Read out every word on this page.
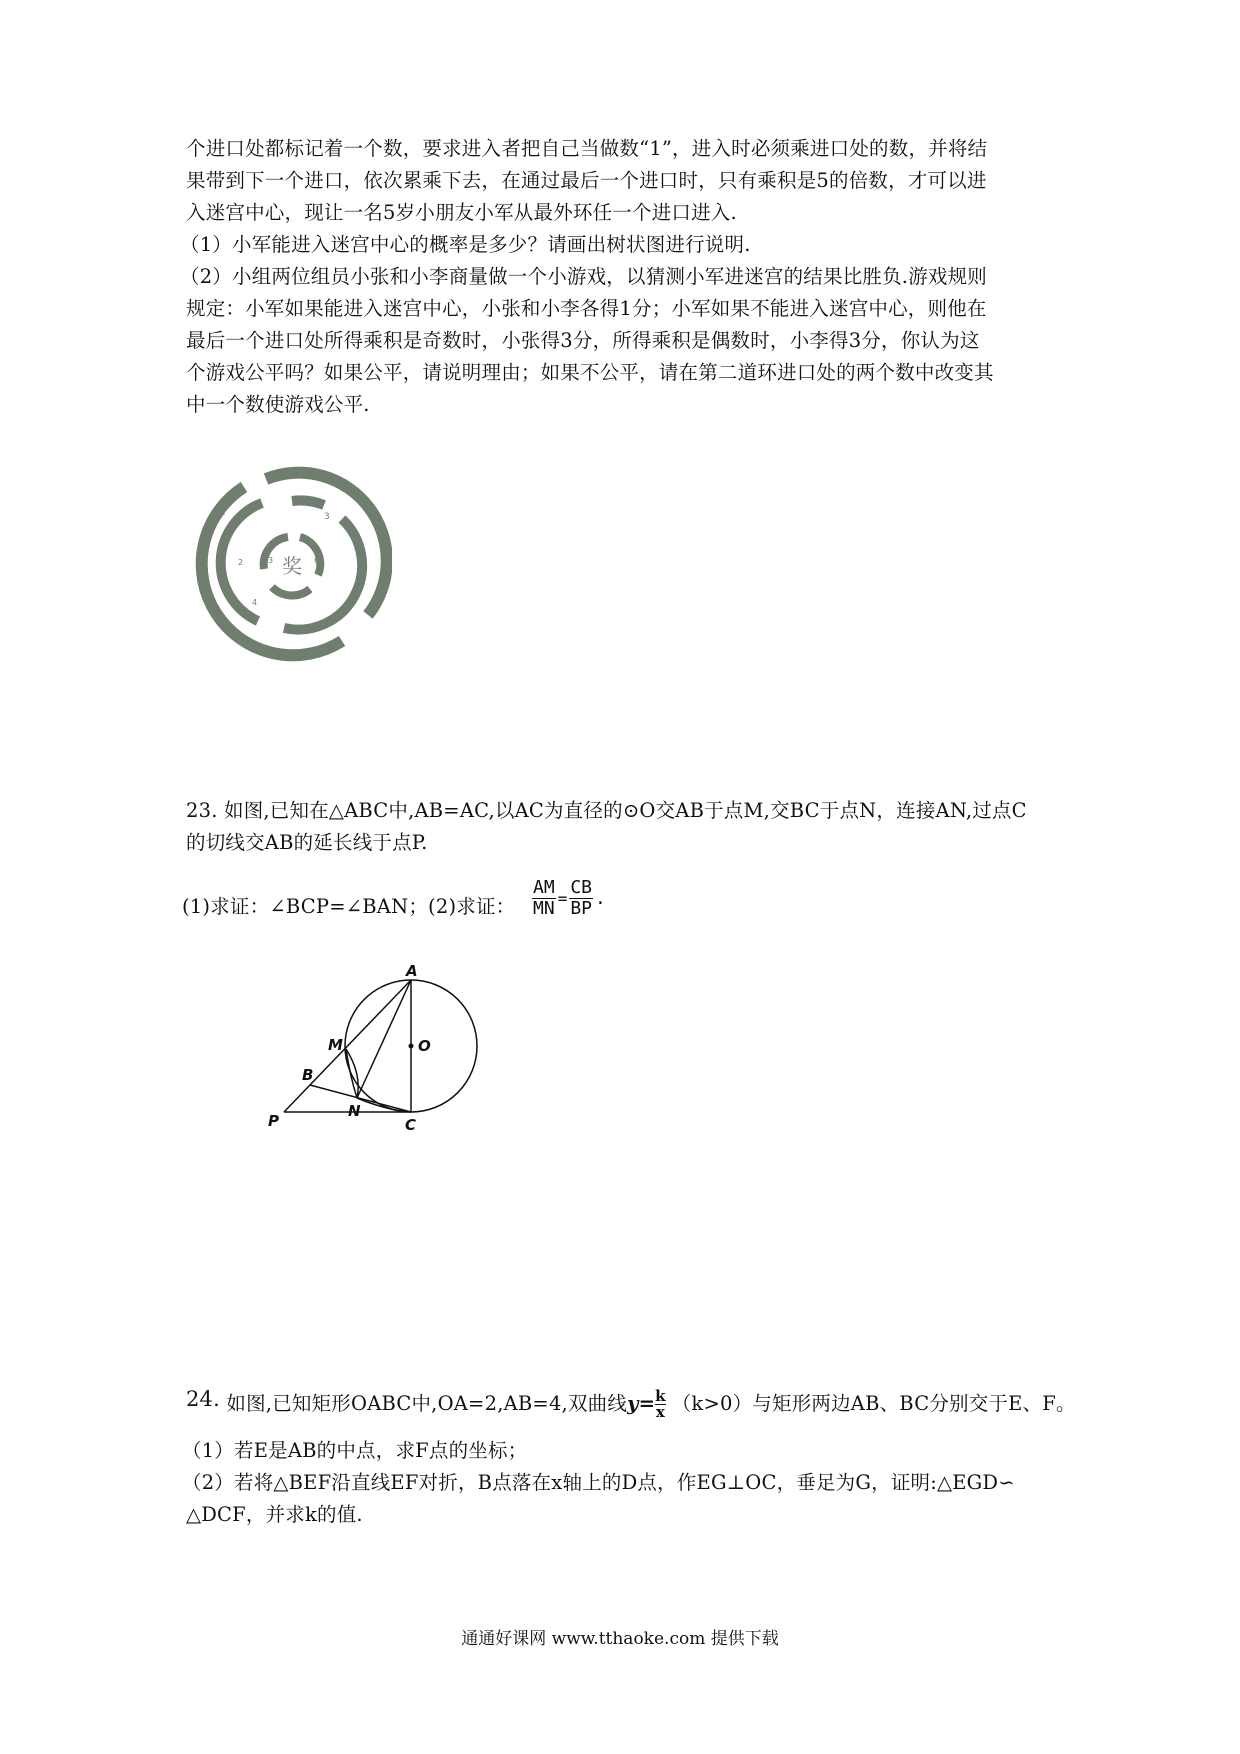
个进口处都标记着一个数，要求进入者把自己当做数“1”，进入时必须乘进口处的数，并将结
果带到下一个进口，依次累乘下去，在通过最后一个进口时，只有乘积是5的倍数，才可以进
入迷宫中心，现让一名5岁小朋友小军从最外环任一个进口进入.
（1）小军能进入迷宫中心的概率是多少？请画出树状图进行说明.
（2）小组两位组员小张和小李商量做一个小游戏，以猜测小军进迷宫的结果比胜负.游戏规则
规定：小军如果能进入迷宫中心，小张和小李各得1分；小军如果不能进入迷宫中心，则他在
最后一个进口处所得乘积是奇数时，小张得3分，所得乘积是偶数时，小李得3分，你认为这
个游戏公平吗？如果公平，请说明理由；如果不公平，请在第二道环进口处的两个数中改变其
中一个数使游戏公平.
奖
2	3
1
3	6
4
1
2
23. 如图,已知在△ABC中,AB=AC,以AC为直径的⊙O交AB于点M,交BC于点N，连接AN,过点C
的切线交AB的延长线于点P.
(1)求证：∠BCP=∠BAN；(2)求证： $\frac{AM}{MN} = \frac{CB}{BP}$ .
A
O
M
B
N
P	C
24. 如图,已知矩形OABC中,OA=2,AB=4,双曲线$y= \frac{k}{x} (k>0)$与矩形两边AB、BC分别交于E、F。
（1）若E是AB的中点，求F点的坐标；
（2）若将△BEF沿直线EF对折，B点落在x轴上的D点，作EG⊥OC，垂足为G，证明:△EGD∽
△DCF，并求k的值.
通通好课网 www.tthaoke.com 提供下载
